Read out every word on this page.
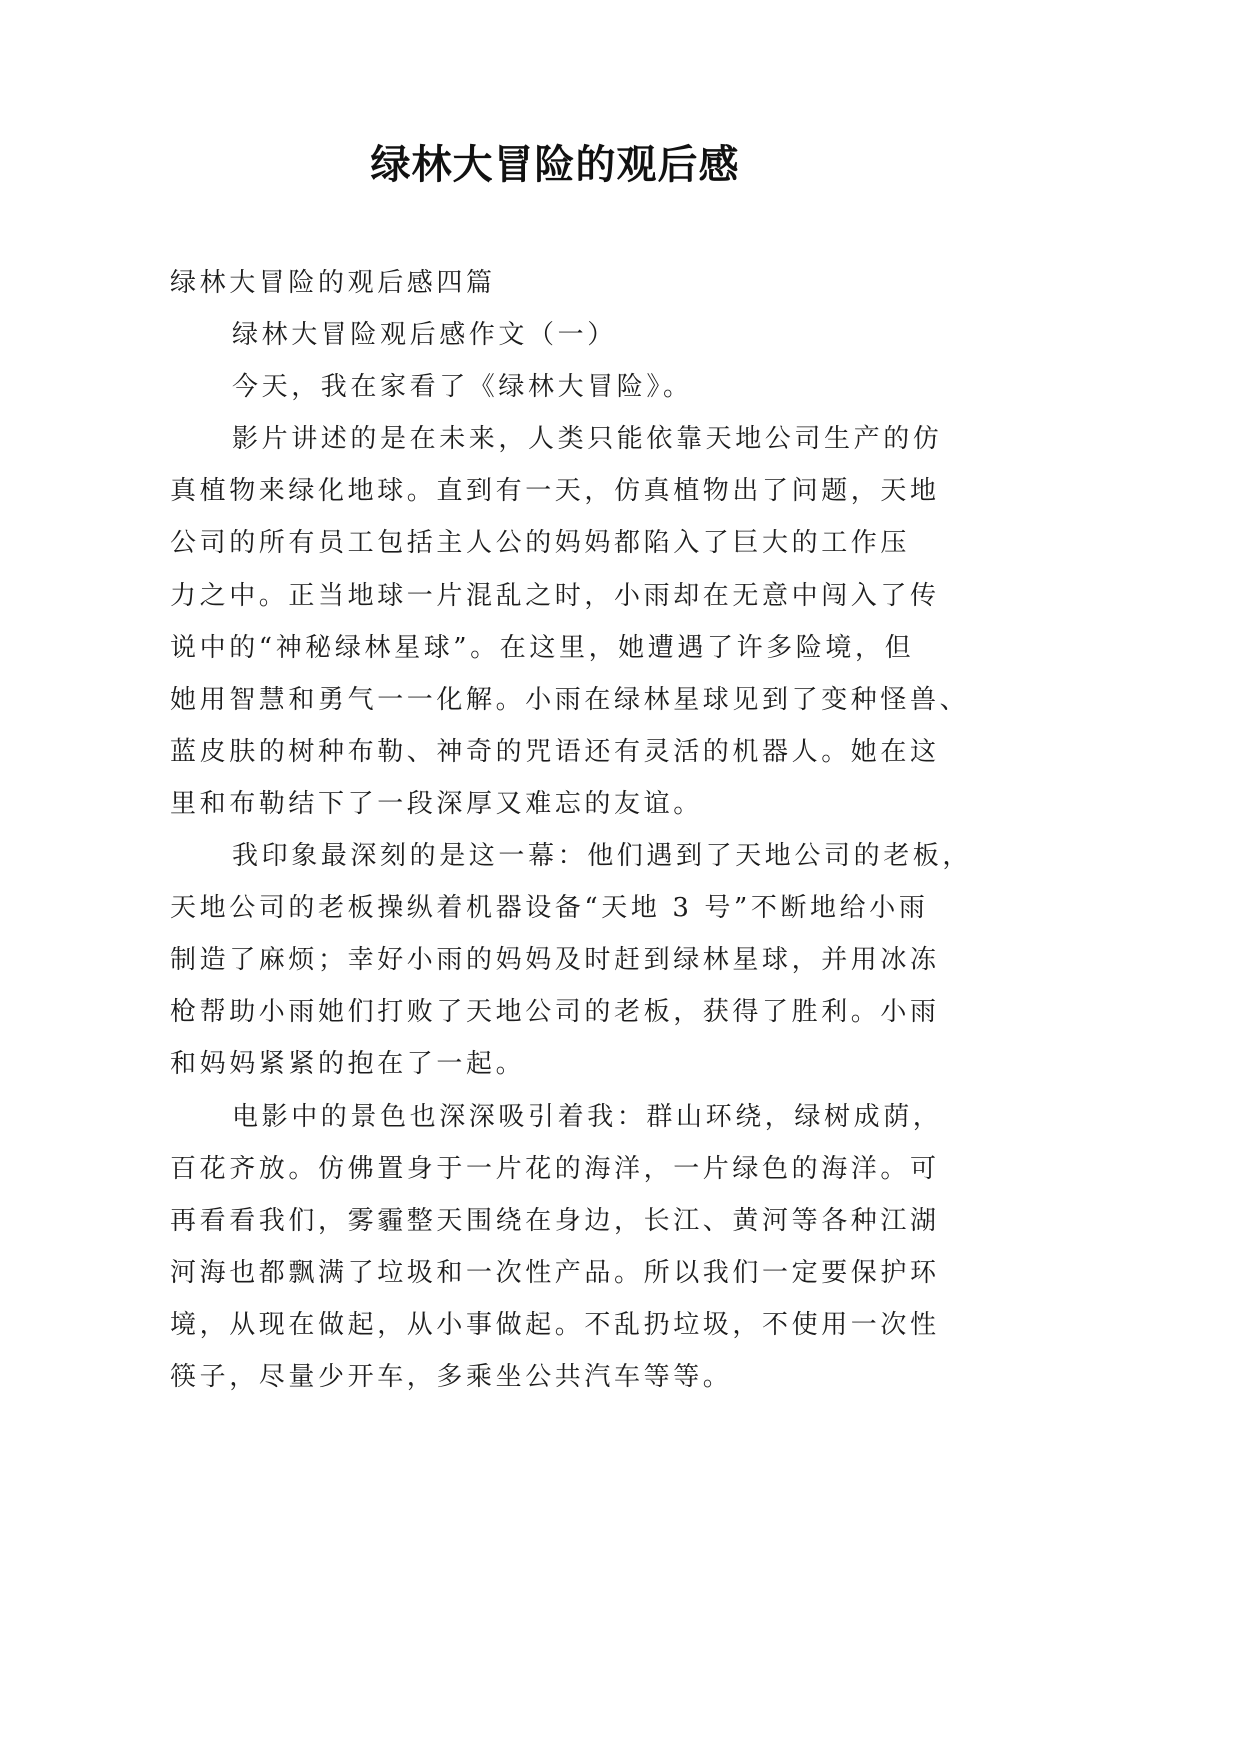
绿林大冒险的观后感
绿林大冒险的观后感四篇
绿林大冒险观后感作文（一）
今天，我在家看了《绿林大冒险》。
影片讲述的是在未来，人类只能依靠天地公司生产的仿
真植物来绿化地球。直到有一天，仿真植物出了问题，天地
公司的所有员工包括主人公的妈妈都陷入了巨大的工作压
力之中。正当地球一片混乱之时，小雨却在无意中闯入了传
说中的“神秘绿林星球”。在这里，她遭遇了许多险境，但
她用智慧和勇气一一化解。小雨在绿林星球见到了变种怪兽、
蓝皮肤的树种布勒、神奇的咒语还有灵活的机器人。她在这
里和布勒结下了一段深厚又难忘的友谊。
我印象最深刻的是这一幕：他们遇到了天地公司的老板，
天地公司的老板操纵着机器设备“天地 3 号”不断地给小雨
制造了麻烦；幸好小雨的妈妈及时赶到绿林星球，并用冰冻
枪帮助小雨她们打败了天地公司的老板，获得了胜利。小雨
和妈妈紧紧的抱在了一起。
电影中的景色也深深吸引着我：群山环绕，绿树成荫，
百花齐放。仿佛置身于一片花的海洋，一片绿色的海洋。可
再看看我们，雾霾整天围绕在身边，长江、黄河等各种江湖
河海也都飘满了垃圾和一次性产品。所以我们一定要保护环
境，从现在做起，从小事做起。不乱扔垃圾，不使用一次性
筷子，尽量少开车，多乘坐公共汽车等等。
